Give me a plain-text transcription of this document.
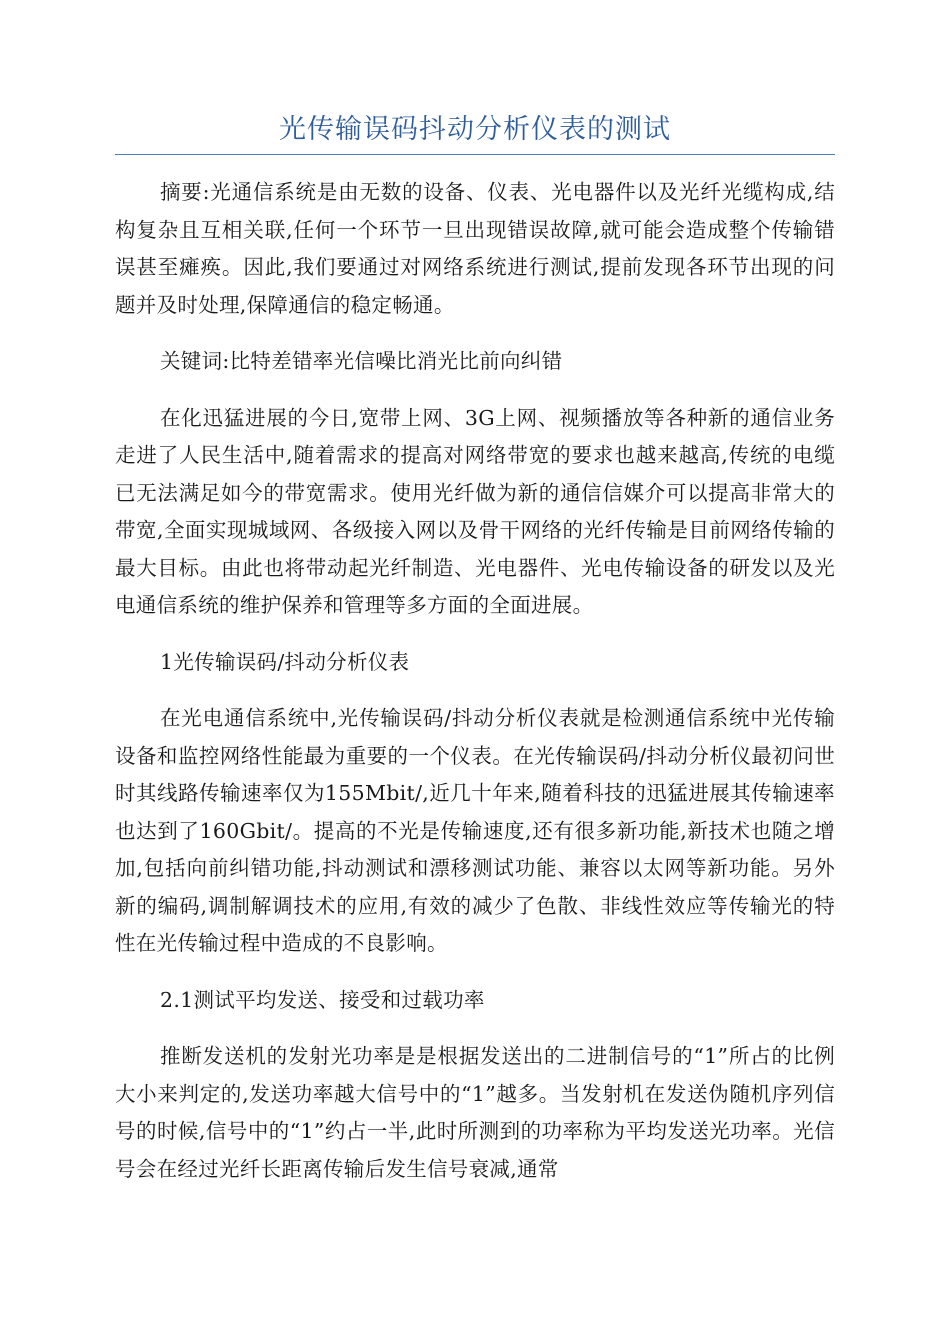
光传输误码抖动分析仪表的测试

摘要:光通信系统是由无数的设备、仪表、光电器件以及光纤光缆构成,结构复杂且互相关联,任何一个环节一旦出现错误故障,就可能会造成整个传输错误甚至瘫痪。因此,我们要通过对网络系统进行测试,提前发现各环节出现的问题并及时处理,保障通信的稳定畅通。

关键词:比特差错率光信噪比消光比前向纠错

在化迅猛进展的今日,宽带上网、3G上网、视频播放等各种新的通信业务走进了人民生活中,随着需求的提高对网络带宽的要求也越来越高,传统的电缆已无法满足如今的带宽需求。使用光纤做为新的通信信媒介可以提高非常大的带宽,全面实现城域网、各级接入网以及骨干网络的光纤传输是目前网络传输的最大目标。由此也将带动起光纤制造、光电器件、光电传输设备的研发以及光电通信系统的维护保养和管理等多方面的全面进展。

1光传输误码/抖动分析仪表

在光电通信系统中,光传输误码/抖动分析仪表就是检测通信系统中光传输设备和监控网络性能最为重要的一个仪表。在光传输误码/抖动分析仪最初问世时其线路传输速率仅为155Mbit/,近几十年来,随着科技的迅猛进展其传输速率也达到了160Gbit/。提高的不光是传输速度,还有很多新功能,新技术也随之增加,包括向前纠错功能,抖动测试和漂移测试功能、兼容以太网等新功能。另外新的编码,调制解调技术的应用,有效的减少了色散、非线性效应等传输光的特性在光传输过程中造成的不良影响。

2.1测试平均发送、接受和过载功率

推断发送机的发射光功率是是根据发送出的二进制信号的“1”所占的比例大小来判定的,发送功率越大信号中的“1”越多。当发射机在发送伪随机序列信号的时候,信号中的“1”约占一半,此时所测到的功率称为平均发送光功率。光信号会在经过光纤长距离传输后发生信号衰减,通常
